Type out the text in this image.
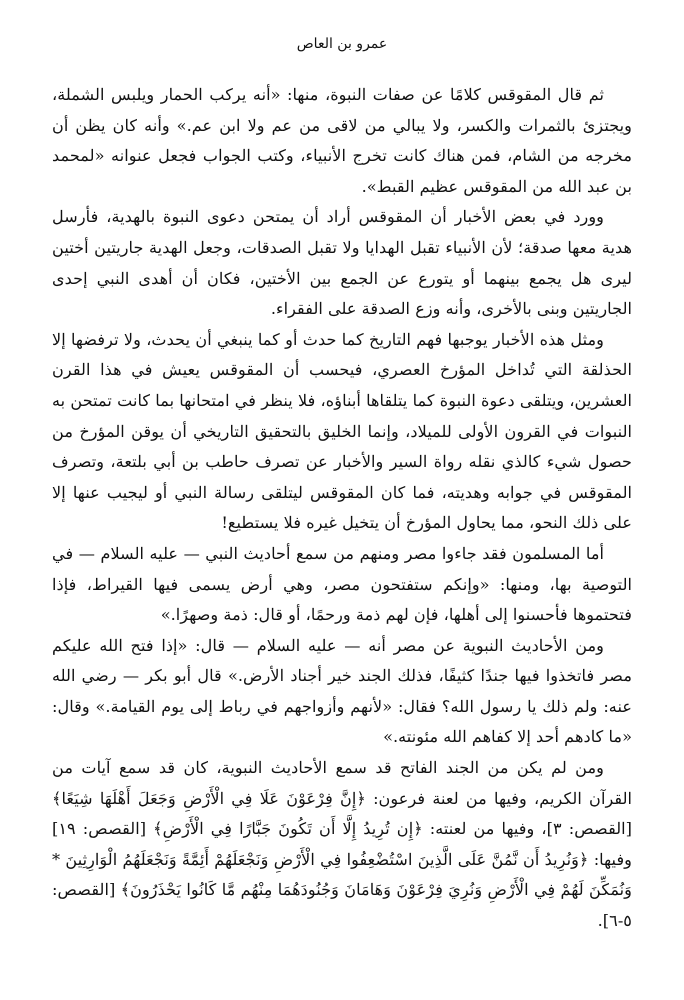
عمرو بن العاص

ثم قال المقوقس كلامًا عن صفات النبوة، منها: «أنه يركب الحمار ويلبس الشملة، ويجتزئ بالثمرات والكسر، ولا يبالي من لاقى من عم ولا ابن عم.» وأنه كان يظن أن مخرجه من الشام، فمن هناك كانت تخرج الأنبياء، وكتب الجواب فجعل عنوانه «لمحمد بن عبد الله من المقوقس عظيم القبط».

وورد في بعض الأخبار أن المقوقس أراد أن يمتحن دعوى النبوة بالهدية، فأرسل هدية معها صدقة؛ لأن الأنبياء تقبل الهدايا ولا تقبل الصدقات، وجعل الهدية جاريتين أختين ليرى هل يجمع بينهما أو يتورع عن الجمع بين الأختين، فكان أن أهدى النبي إحدى الجاريتين وبنى بالأخرى، وأنه وزع الصدقة على الفقراء.

ومثل هذه الأخبار يوجبها فهم التاريخ كما حدث أو كما ينبغي أن يحدث، ولا ترفضها إلا الحذلقة التي تُداخل المؤرخ العصري، فيحسب أن المقوقس يعيش في هذا القرن العشرين، ويتلقى دعوة النبوة كما يتلقاها أبناؤه، فلا ينظر في امتحانها بما كانت تمتحن به النبوات في القرون الأولى للميلاد، وإنما الخليق بالتحقيق التاريخي أن يوقن المؤرخ من حصول شيء كالذي نقله رواة السير والأخبار عن تصرف حاطب بن أبي بلتعة، وتصرف المقوقس في جوابه وهديته، فما كان المقوقس ليتلقى رسالة النبي أو ليجيب عنها إلا على ذلك النحو، مما يحاول المؤرخ أن يتخيل غيره فلا يستطيع!

أما المسلمون فقد جاءوا مصر ومنهم من سمع أحاديث النبي — عليه السلام — في التوصية بها، ومنها: «وإنكم ستفتحون مصر، وهي أرض يسمى فيها القيراط، فإذا فتحتموها فأحسنوا إلى أهلها، فإن لهم ذمة ورحمًا، أو قال: ذمة وصهرًا.»

ومن الأحاديث النبوية عن مصر أنه — عليه السلام — قال: «إذا فتح الله عليكم مصر فاتخذوا فيها جندًا كثيفًا، فذلك الجند خير أجناد الأرض.» قال أبو بكر — رضي الله عنه: ولم ذلك يا رسول الله؟ فقال: «لأنهم وأزواجهم في رباط إلى يوم القيامة.» وقال: «ما كادهم أحد إلا كفاهم الله مئونته.»

ومن لم يكن من الجند الفاتح قد سمع الأحاديث النبوية، كان قد سمع آيات من القرآن الكريم، وفيها من لعنة فرعون: ﴿إِنَّ فِرْعَوْنَ عَلَا فِي الْأَرْضِ وَجَعَلَ أَهْلَهَا شِيَعًا﴾ [القصص: ٣]، وفيها من لعنته: ﴿إِن تُرِيدُ إِلَّا أَن تَكُونَ جَبَّارًا فِي الْأَرْضِ﴾ [القصص: ١٩] وفيها: ﴿وَنُرِيدُ أَن نَّمُنَّ عَلَى الَّذِينَ اسْتُضْعِفُوا فِي الْأَرْضِ وَنَجْعَلَهُمْ أَئِمَّةً وَنَجْعَلَهُمُ الْوَارِثِينَ * وَنُمَكِّنَ لَهُمْ فِي الْأَرْضِ وَنُرِيَ فِرْعَوْنَ وَهَامَانَ وَجُنُودَهُمَا مِنْهُم مَّا كَانُوا يَحْذَرُونَ﴾ [القصص: ٥-٦].
